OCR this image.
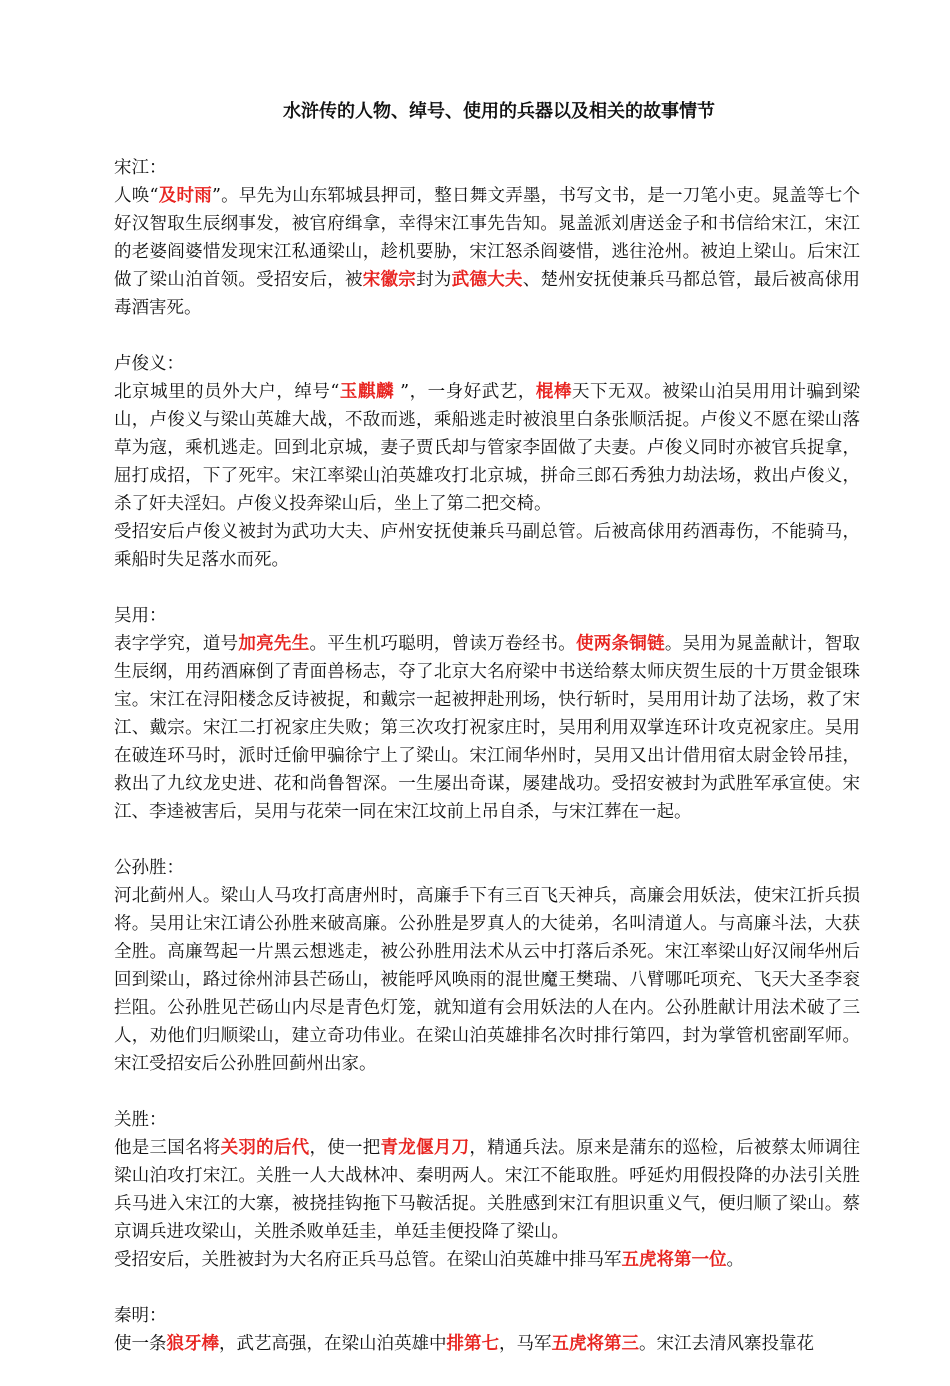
水浒传的人物、绰号、使用的兵器以及相关的故事情节
宋江：
人唤“及时雨”。早先为山东郓城县押司，整日舞文弄墨，书写文书，是一刀笔小吏。晁盖等七个好汉智取生辰纲事发，被官府缉拿，幸得宋江事先告知。晁盖派刘唐送金子和书信给宋江，宋江的老婆阎婆惜发现宋江私通梁山，趁机要胁，宋江怒杀阎婆惜，逃往沧州。被迫上梁山。后宋江做了梁山泊首领。受招安后，被宋徽宗封为武德大夫、楚州安抚使兼兵马都总管，最后被高俅用毒酒害死。
卢俊义：
北京城里的员外大户，绰号“玉麒麟 ”，一身好武艺，棍棒天下无双。被梁山泊吴用用计骗到梁山，卢俊义与梁山英雄大战，不敌而逃，乘船逃走时被浪里白条张顺活捉。卢俊义不愿在梁山落草为寇，乘机逃走。回到北京城，妻子贾氏却与管家李固做了夫妻。卢俊义同时亦被官兵捉拿，屈打成招，下了死牢。宋江率梁山泊英雄攻打北京城，拼命三郎石秀独力劫法场，救出卢俊义，杀了奸夫淫妇。卢俊义投奔梁山后，坐上了第二把交椅。
受招安后卢俊义被封为武功大夫、庐州安抚使兼兵马副总管。后被高俅用药酒毒伤，不能骑马，乘船时失足落水而死。
吴用：
表字学究，道号加亮先生。平生机巧聪明，曾读万卷经书。使两条铜链。吴用为晁盖献计，智取生辰纲，用药酒麻倒了青面兽杨志，夺了北京大名府梁中书送给蔡太师庆贺生辰的十万贯金银珠宝。宋江在浔阳楼念反诗被捉，和戴宗一起被押赴刑场，快行斩时，吴用用计劫了法场，救了宋江、戴宗。宋江二打祝家庄失败；第三次攻打祝家庄时，吴用利用双掌连环计攻克祝家庄。吴用在破连环马时，派时迁偷甲骗徐宁上了梁山。宋江闹华州时，吴用又出计借用宿太尉金铃吊挂，救出了九纹龙史进、花和尚鲁智深。一生屡出奇谋，屡建战功。受招安被封为武胜军承宣使。宋江、李逵被害后，吴用与花荣一同在宋江坟前上吊自杀，与宋江葬在一起。
公孙胜：
河北蓟州人。梁山人马攻打高唐州时，高廉手下有三百飞天神兵，高廉会用妖法，使宋江折兵损将。吴用让宋江请公孙胜来破高廉。公孙胜是罗真人的大徒弟，名叫清道人。与高廉斗法，大获全胜。高廉驾起一片黑云想逃走，被公孙胜用法术从云中打落后杀死。宋江率梁山好汉闹华州后回到梁山，路过徐州沛县芒砀山，被能呼风唤雨的混世魔王樊瑞、八臂哪吒项充、飞天大圣李衮拦阻。公孙胜见芒砀山内尽是青色灯笼，就知道有会用妖法的人在内。公孙胜献计用法术破了三人，劝他们归顺梁山，建立奇功伟业。在梁山泊英雄排名次时排行第四，封为掌管机密副军师。宋江受招安后公孙胜回蓟州出家。
关胜：
他是三国名将关羽的后代，使一把青龙偃月刀，精通兵法。原来是蒲东的巡检，后被蔡太师调往梁山泊攻打宋江。关胜一人大战林冲、秦明两人。宋江不能取胜。呼延灼用假投降的办法引关胜兵马进入宋江的大寨，被挠挂钩拖下马鞍活捉。关胜感到宋江有胆识重义气，便归顺了梁山。蔡京调兵进攻梁山，关胜杀败单廷圭，单廷圭便投降了梁山。
受招安后，关胜被封为大名府正兵马总管。在梁山泊英雄中排马军五虎将第一位。
秦明：
使一条狼牙棒，武艺高强，在梁山泊英雄中排第七，马军五虎将第三。宋江去清风寨投靠花
